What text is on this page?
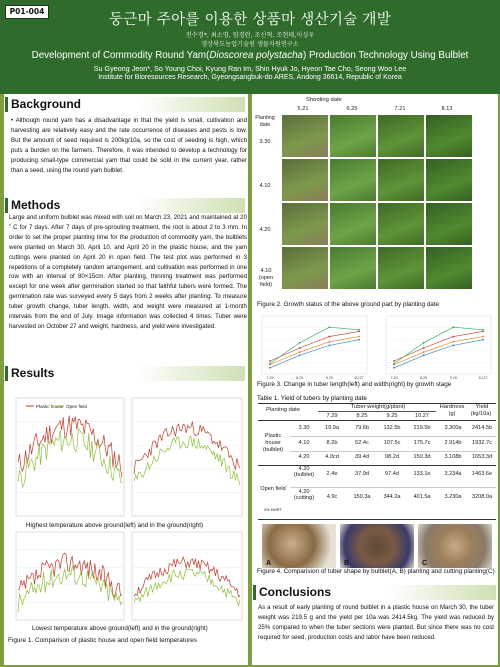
P01-004
둥근마 주아를 이용한 상품마 생산기술 개발
전수경*, 최소영, 임경란, 조신혁, 조현태,이성우
경상북도농업기술원 생물자원연구소
Development of Commodity Round Yam(Dioscorea polystacha) Production Technology Using Bulblet
Su Gyeong Jeon*, So Young Choi, Kyung Ran Im, Shin Hyuk Jo, Hyeon Tae Cho, Seong Woo Lee
Institute for Bioresources Research, Gyeongsangbuk-do ARES, Andong 36614, Republic of Korea
Background
• Although round yam has a disadvantage in that the yield is small, cultivation and harvesting are relatively easy and the rate occurrence of diseases and pests is low. But the amount of seed required is 200kg/10a, so the cost of seeding is high, which puts a burden on the farmers. Therefore, it was intended to develop a technology for producing small-type commercial yam that could be sold in the current year, rather than a seed, using the round yam bulblet.
Methods
Large and uniform bulblet was mixed with soil on March 23, 2021 and maintained at 20 ˚ C for 7 days. After 7 days of pre-sprouting treatment, the root is about 2 to 3 mm. In order to set the proper planting time for the production of commodity yam, the bulblets were planted on March 30, April 10, and April 20 in the plastic house, and the yam cuttings were planted on April 20 in open field. The test plot was performed in 3 repetitions of a completely random arrangement, and cultivation was performed in one row with an interval of 80×15cm. After planting, thinning treatment was performed except for one week after germination started so that faithful tubers were formed. The germination rate was surveyed every 5 days from 2 weeks after planting. To measure tuber growth change, tuber length, width, and weight were measured at 1-month intervals from the end of July. Image information was collected 4 times. Tuber were harvested on October 27 and weight, hardness, and yield were investigated.
Results
Plastic house Open field
Highest temperature above ground(left) and in the ground(right)
Lowest temperature above ground(left) and in the ground(right)
Figure 1. Comparison of plastic house and open field temperatures
Shooting date
Planting date
5.21	6.25	7.21	8.13
3.30
4.10
4.20
4.10 (open field)
Figure 2. Growth status of the above ground part by planting date
7.29	8.25	9.29	10.27	7.29	8.25	9.29	10.27
Figure 3. Change in tuber length(left) and width(right) by growth stage
Table 1. Yield of tubers by planting date
Planting date	Tuber weight(g/plant)	Hardness
(g)
Yield
(kg/10a)
7.29	8.25	9.25	10.27
Plastic house (bulblet)
Open field
5% DMRT
3.30	19.9a	79.6b	132.5b	219.5b	3.300a	2414.5b
4.10	8.2b	52.4c	107.5c	175.7c	2.914b	1932.7c
4.20	4.0cd	39.4d	98.2d	150.3d	3.108b	1653.3d
4.20 (bulblet)	2.4e	37.9d	97.4d	133.1e	3.234a	1463.6e
4.20 (cutting)	4.9c	150.3a	344.2a	401.5a	3.230a	3208.0a
A	B	C
Figure 4. Comparision of tuber shape by bulblet(A, B) planting and cutting planting(C)
Conclusions
As a result of early planting of round bulblet in a plastic house on March 30, the tuber weight was 219.5 g and the yield per 10a was 2414.5kg. The yield was reduced by 25% compared to when the tuber sections were planted. But since there was no cost required for seed, production costs and labor have been reduced.
